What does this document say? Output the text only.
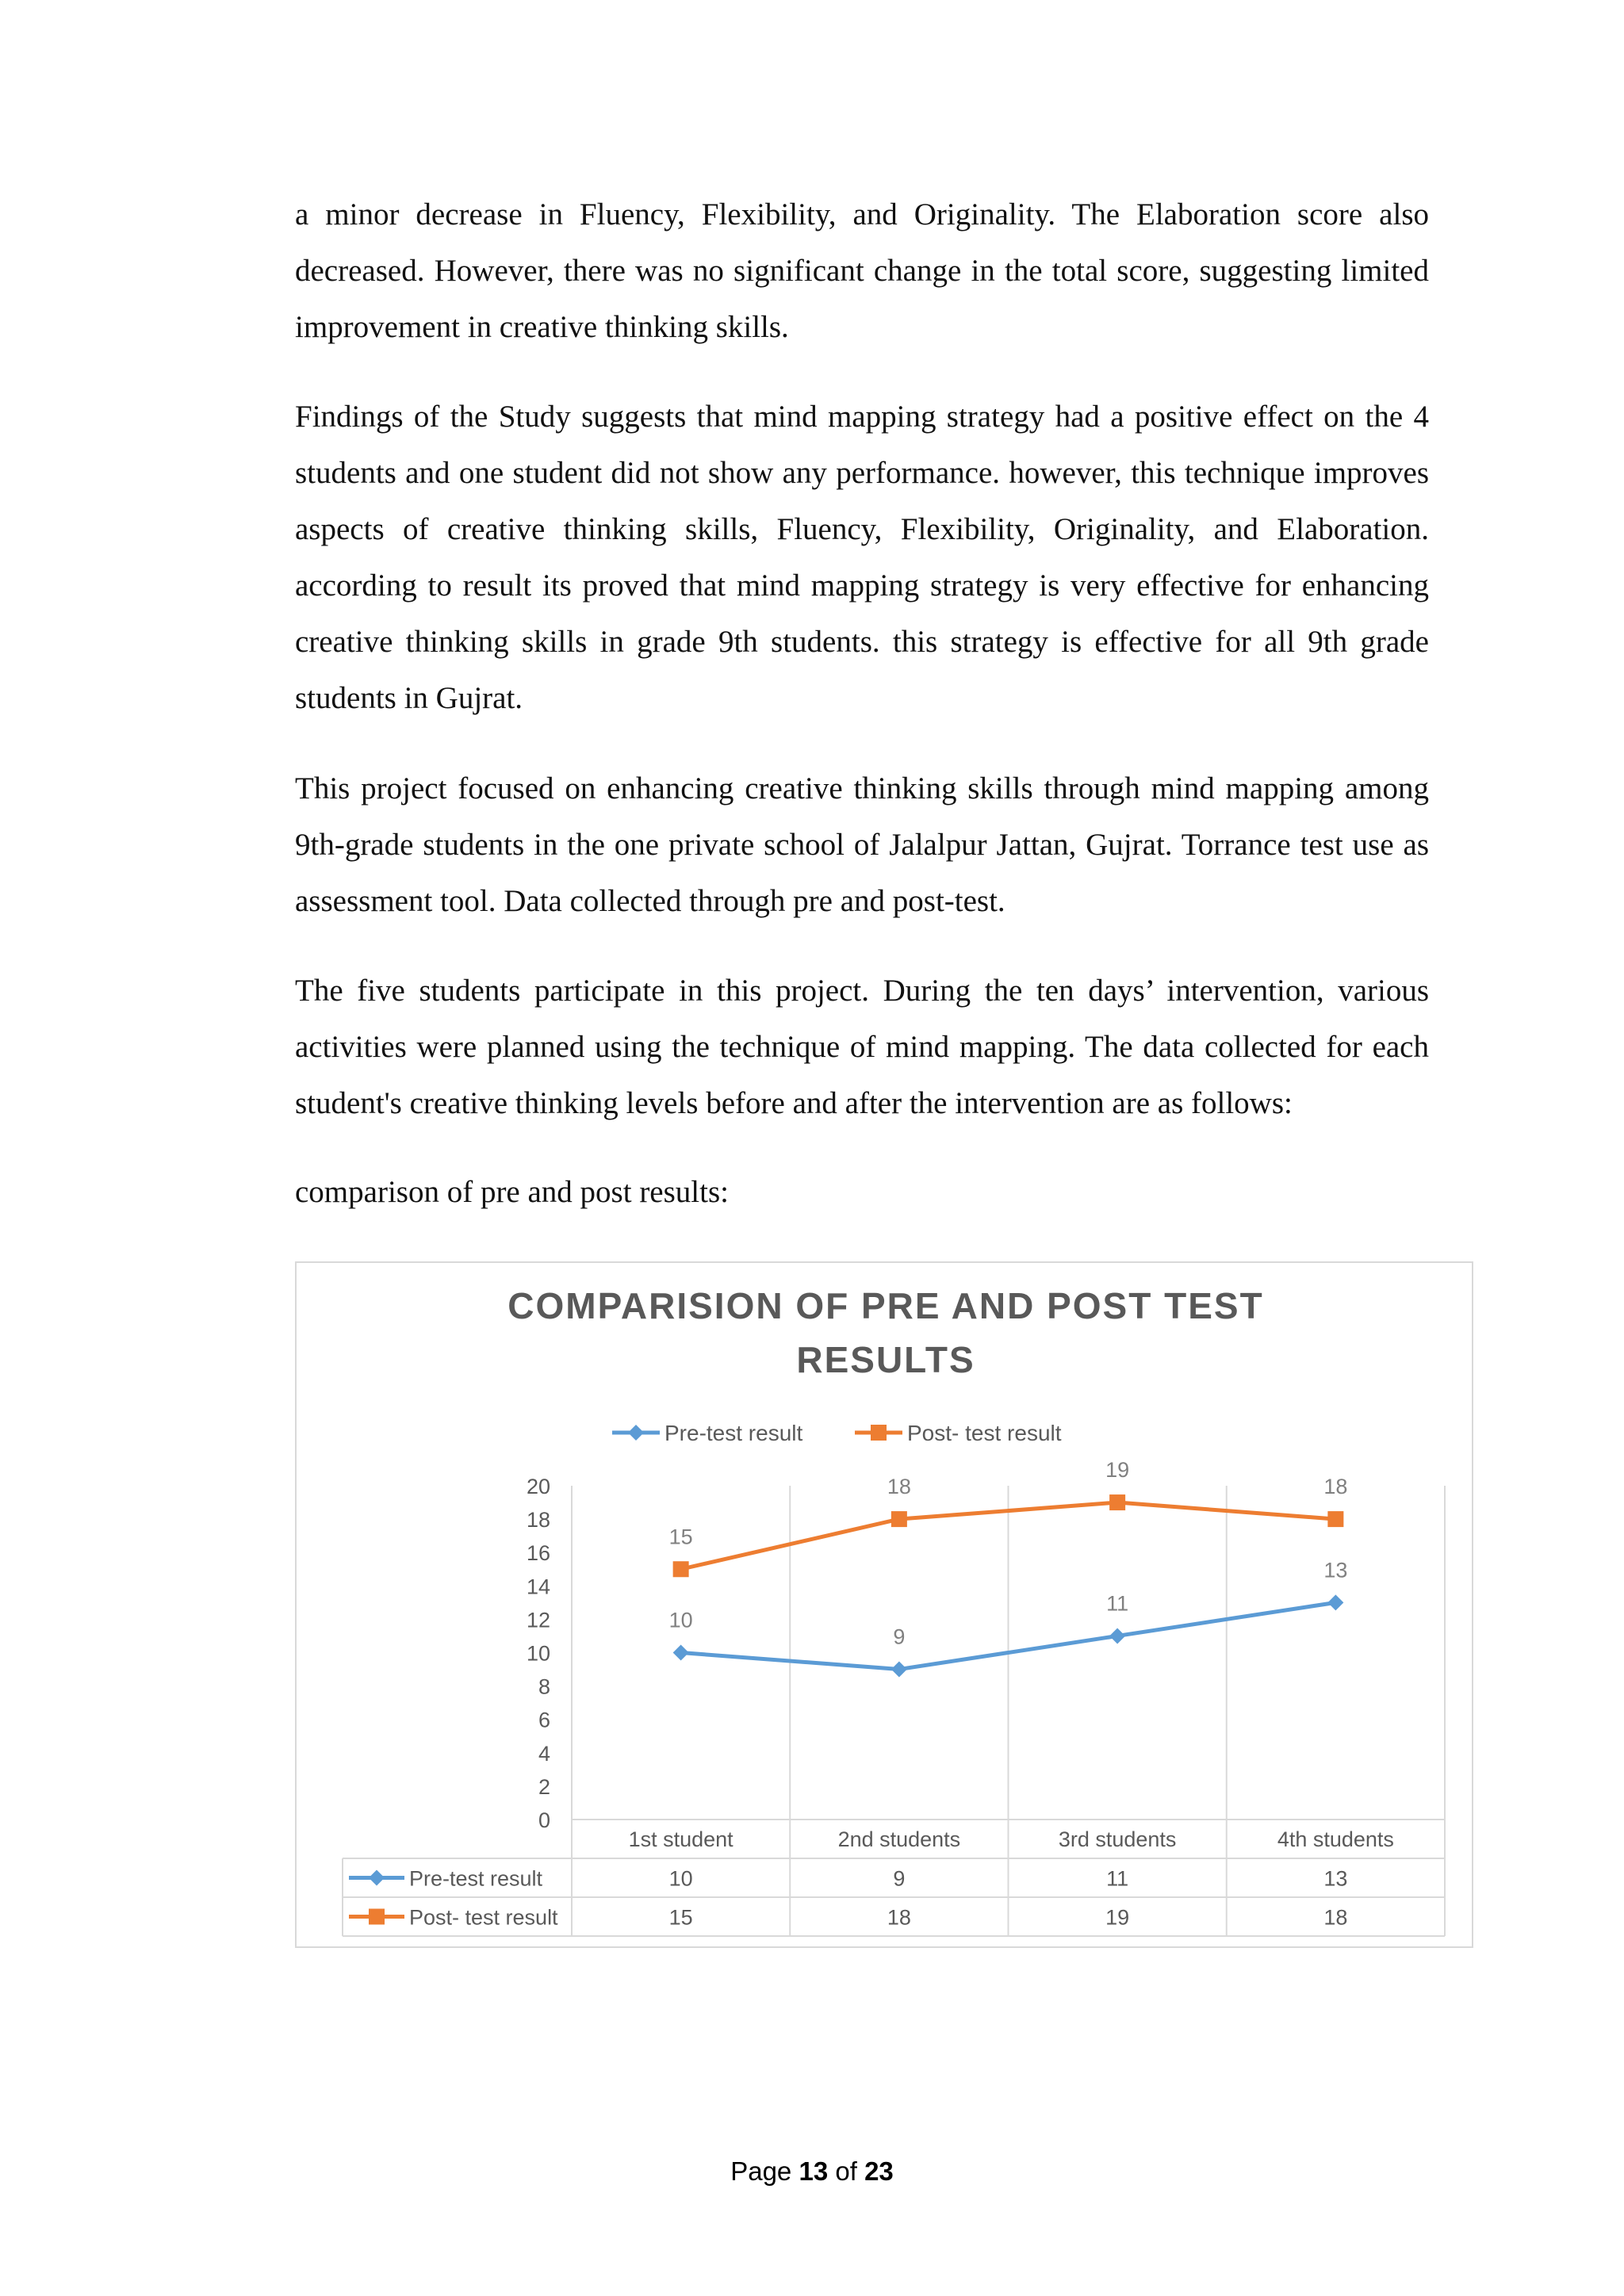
a minor decrease in Fluency, Flexibility, and Originality. The Elaboration score also decreased. However, there was no significant change in the total score, suggesting limited improvement in creative thinking skills.

Findings of the Study suggests that mind mapping strategy had a positive effect on the 4 students and one student did not show any performance. however, this technique improves aspects of creative thinking skills, Fluency, Flexibility, Originality, and Elaboration. according to result its proved that mind mapping strategy is very effective for enhancing creative thinking skills in grade 9th students. this strategy is effective for all 9th grade students in Gujrat.

This project focused on enhancing creative thinking skills through mind mapping among 9th-grade students in the one private school of Jalalpur Jattan, Gujrat. Torrance test use as assessment tool. Data collected through pre and post-test.

The five students participate in this project. During the ten days’ intervention, various activities were planned using the technique of mind mapping. The data collected for each student's creative thinking levels before and after the intervention are as follows:

comparison of pre and post results:

COMPARISION OF PRE AND POST TEST
RESULTS
Pre-test result	Post- test result
0
2
4
6
8
10
12
14
16
18
20
10
9
11
13
15
18
19
18
1st student	2nd students	3rd students	4th students
Pre-test result	10	9	11	13
Post- test result	15	18	19	18
Page 13 of 23
